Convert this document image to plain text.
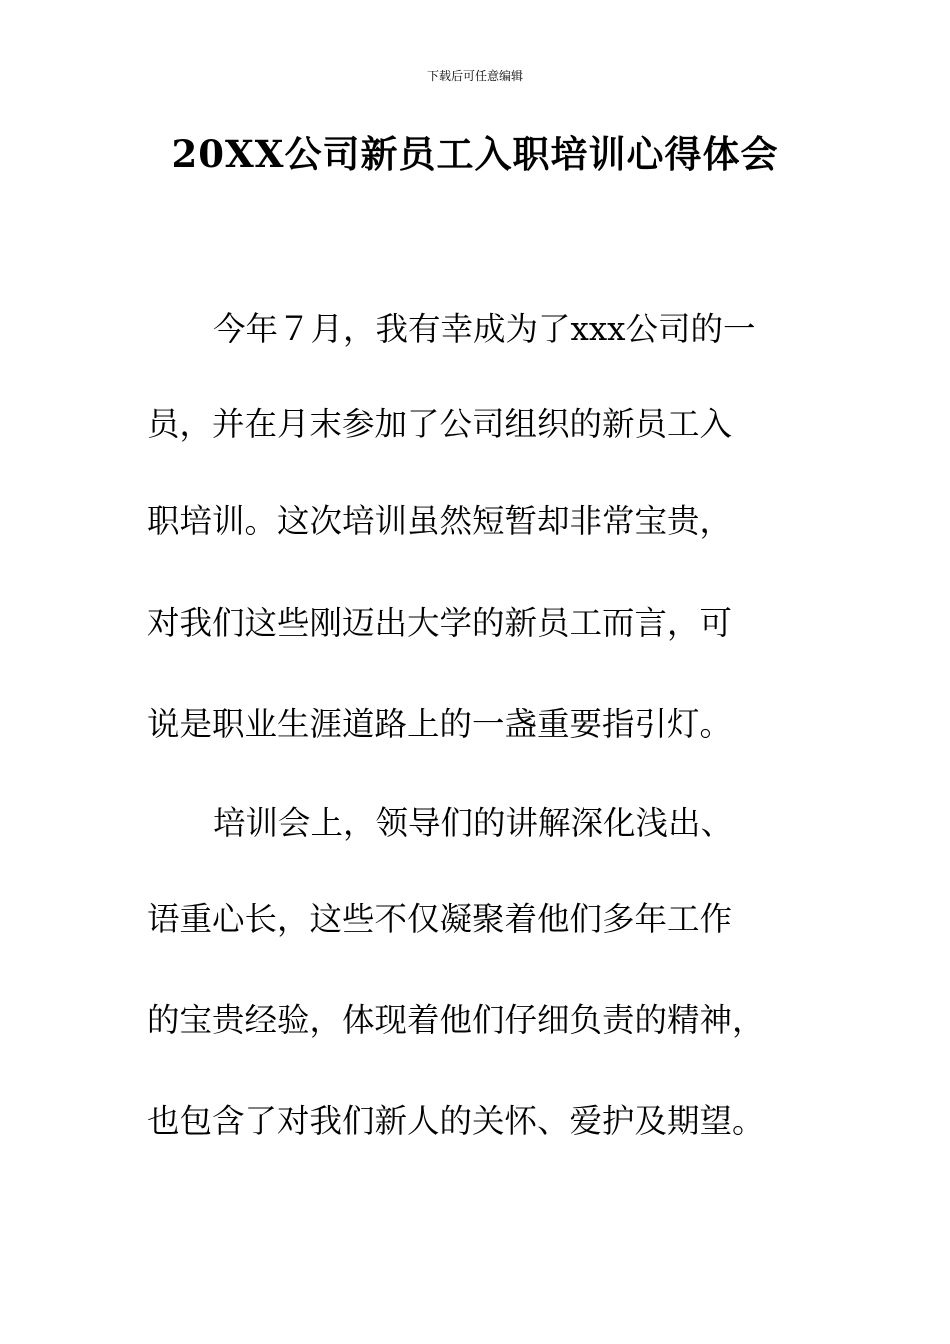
下载后可任意编辑
20XX公司新员工入职培训心得体会
今年７月，我有幸成为了xxx公司的一
员，并在月末参加了公司组织的新员工入
职培训。这次培训虽然短暂却非常宝贵，
对我们这些刚迈出大学的新员工而言，可
说是职业生涯道路上的一盏重要指引灯。
培训会上，领导们的讲解深化浅出、
语重心长，这些不仅凝聚着他们多年工作
的宝贵经验，体现着他们仔细负责的精神，
也包含了对我们新人的关怀、爱护及期望。
